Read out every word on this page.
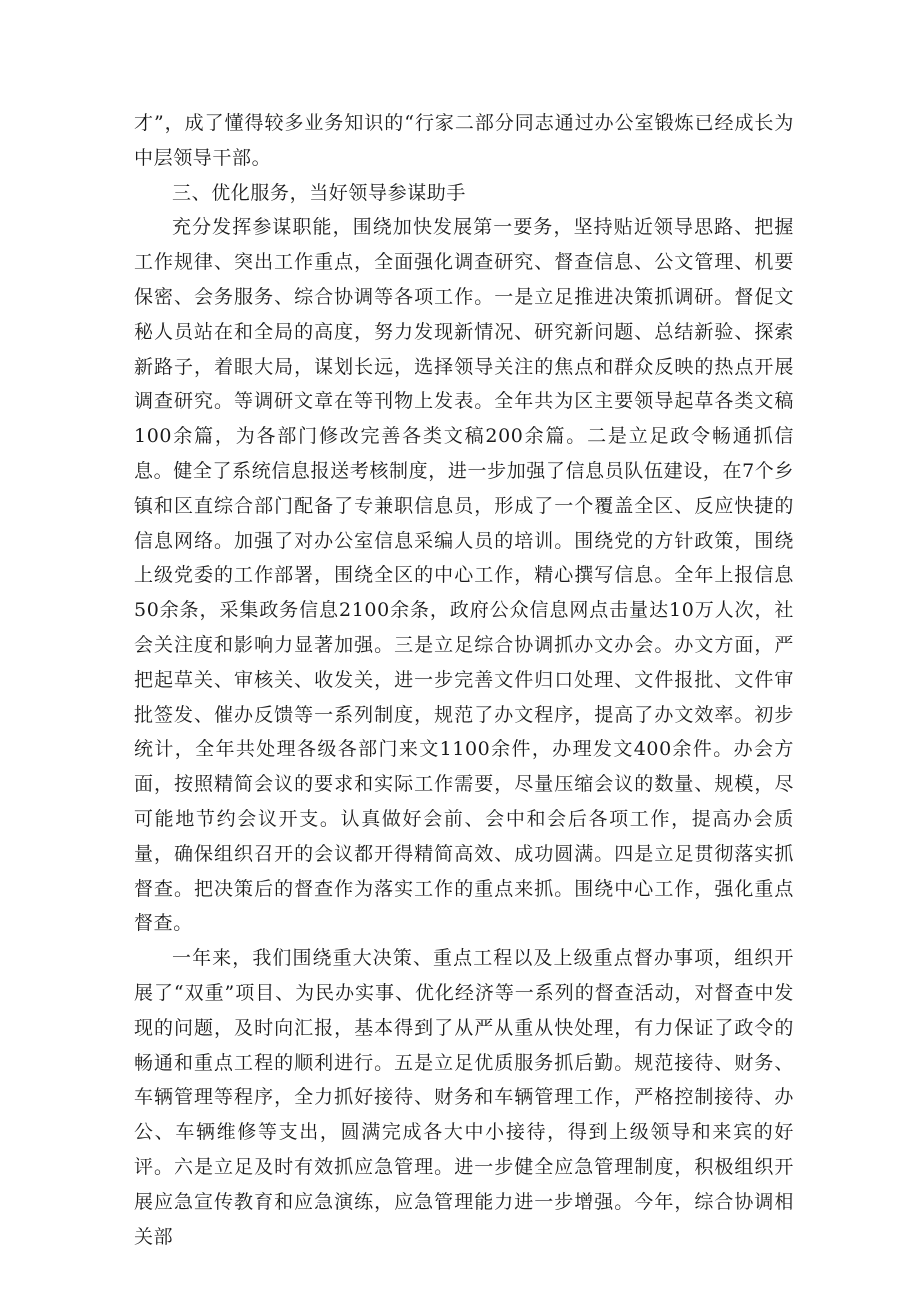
才”，成了懂得较多业务知识的“行家二部分同志通过办公室锻炼已经成长为中层领导干部。

三、优化服务，当好领导参谋助手

充分发挥参谋职能，围绕加快发展第一要务，坚持贴近领导思路、把握工作规律、突出工作重点，全面强化调查研究、督查信息、公文管理、机要保密、会务服务、综合协调等各项工作。一是立足推进决策抓调研。督促文秘人员站在和全局的高度，努力发现新情况、研究新问题、总结新验、探索新路子，着眼大局，谋划长远，选择领导关注的焦点和群众反映的热点开展调查研究。等调研文章在等刊物上发表。全年共为区主要领导起草各类文稿100余篇，为各部门修改完善各类文稿200余篇。二是立足政令畅通抓信息。健全了系统信息报送考核制度，进一步加强了信息员队伍建设，在7个乡镇和区直综合部门配备了专兼职信息员，形成了一个覆盖全区、反应快捷的信息网络。加强了对办公室信息采编人员的培训。围绕党的方针政策，围绕上级党委的工作部署，围绕全区的中心工作，精心撰写信息。全年上报信息50余条，采集政务信息2100余条，政府公众信息网点击量达10万人次，社会关注度和影响力显著加强。三是立足综合协调抓办文办会。办文方面，严把起草关、审核关、收发关，进一步完善文件归口处理、文件报批、文件审批签发、催办反馈等一系列制度，规范了办文程序，提高了办文效率。初步统计，全年共处理各级各部门来文1100余件，办理发文400余件。办会方面，按照精简会议的要求和实际工作需要，尽量压缩会议的数量、规模，尽可能地节约会议开支。认真做好会前、会中和会后各项工作，提高办会质量，确保组织召开的会议都开得精简高效、成功圆满。四是立足贯彻落实抓督查。把决策后的督查作为落实工作的重点来抓。围绕中心工作，强化重点督查。

一年来，我们围绕重大决策、重点工程以及上级重点督办事项，组织开展了“双重”项目、为民办实事、优化经济等一系列的督查活动，对督查中发现的问题，及时向汇报，基本得到了从严从重从快处理，有力保证了政令的畅通和重点工程的顺利进行。五是立足优质服务抓后勤。规范接待、财务、车辆管理等程序，全力抓好接待、财务和车辆管理工作，严格控制接待、办公、车辆维修等支出，圆满完成各大中小接待，得到上级领导和来宾的好评。六是立足及时有效抓应急管理。进一步健全应急管理制度，积极组织开展应急宣传教育和应急演练，应急管理能力进一步增强。今年，综合协调相关部
